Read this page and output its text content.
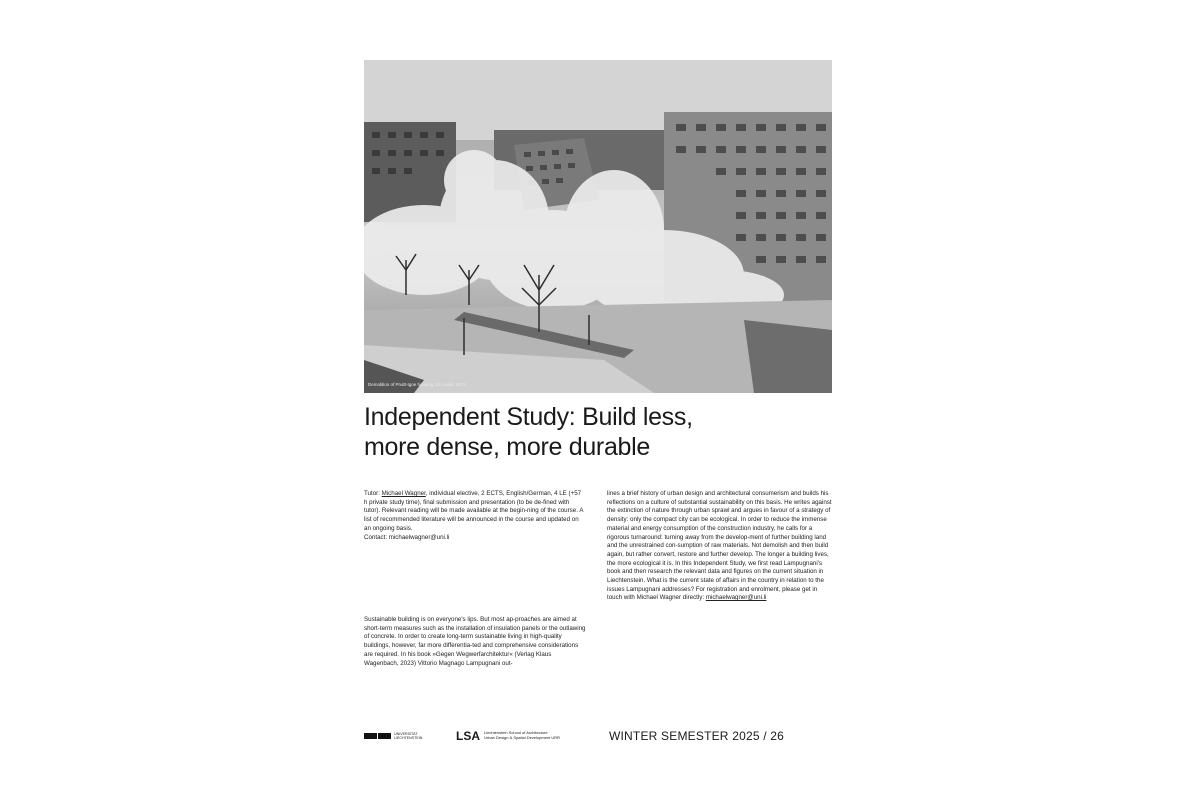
Demolition of Pruitt-Igoe housing, St. Louis, 1972
Independent Study: Build less,
more dense, more durable

Tutor: Michael Wagner, individual elective, 2 ECTS, English/German, 4 LE (+57 h private study time), final submission and presentation (to be de-fined with tutor). Relevant reading will be made available at the begin-ning of the course. A list of recommended literature will be announced in the course and updated on an ongoing basis.

Contact: michaelwagner@uni.li

Sustainable building is on everyone's lips. But most ap-proaches are aimed at short-term measures such as the installation of insulation panels or the outlawing of concrete. In order to create long-term sustainable living in high-quality buildings, however, far more differentia-ted and comprehensive considerations are required. In his book »Gegen Wegwerfarchitektur« (Verlag Klaus Wagenbach, 2023) Vittorio Magnago Lampugnani out-

lines a brief history of urban design and architectural consumerism and builds his reflections on a culture of substantial sustainability on this basis. He writes against the extinction of nature through urban sprawl and argues in favour of a strategy of density: only the compact city can be ecological. In order to reduce the immense material and energy consumption of the construction industry, he calls for a rigorous turnaround: turning away from the develop-ment of further building land and the unrestrained con-sumption of raw materials. Not demolish and then build again, but rather convert, restore and further develop. The longer a building lives, the more ecological it is. In this Independent Study, we first read Lampugnani's book and then research the relevant data and figures on the current situation in Liechtenstein. What is the current state of affairs in the country in relation to the issues Lampugnani addresses? For registration and enrolment, please get in touch with Michael Wagner directly: michaelwagner@uni.li

UNIVERSITÄT
LIECHTENSTEIN	LSA Liechtenstein School of Architecture
Urban Design & Spatial Development URR	WINTER SEMESTER 2025 / 26
